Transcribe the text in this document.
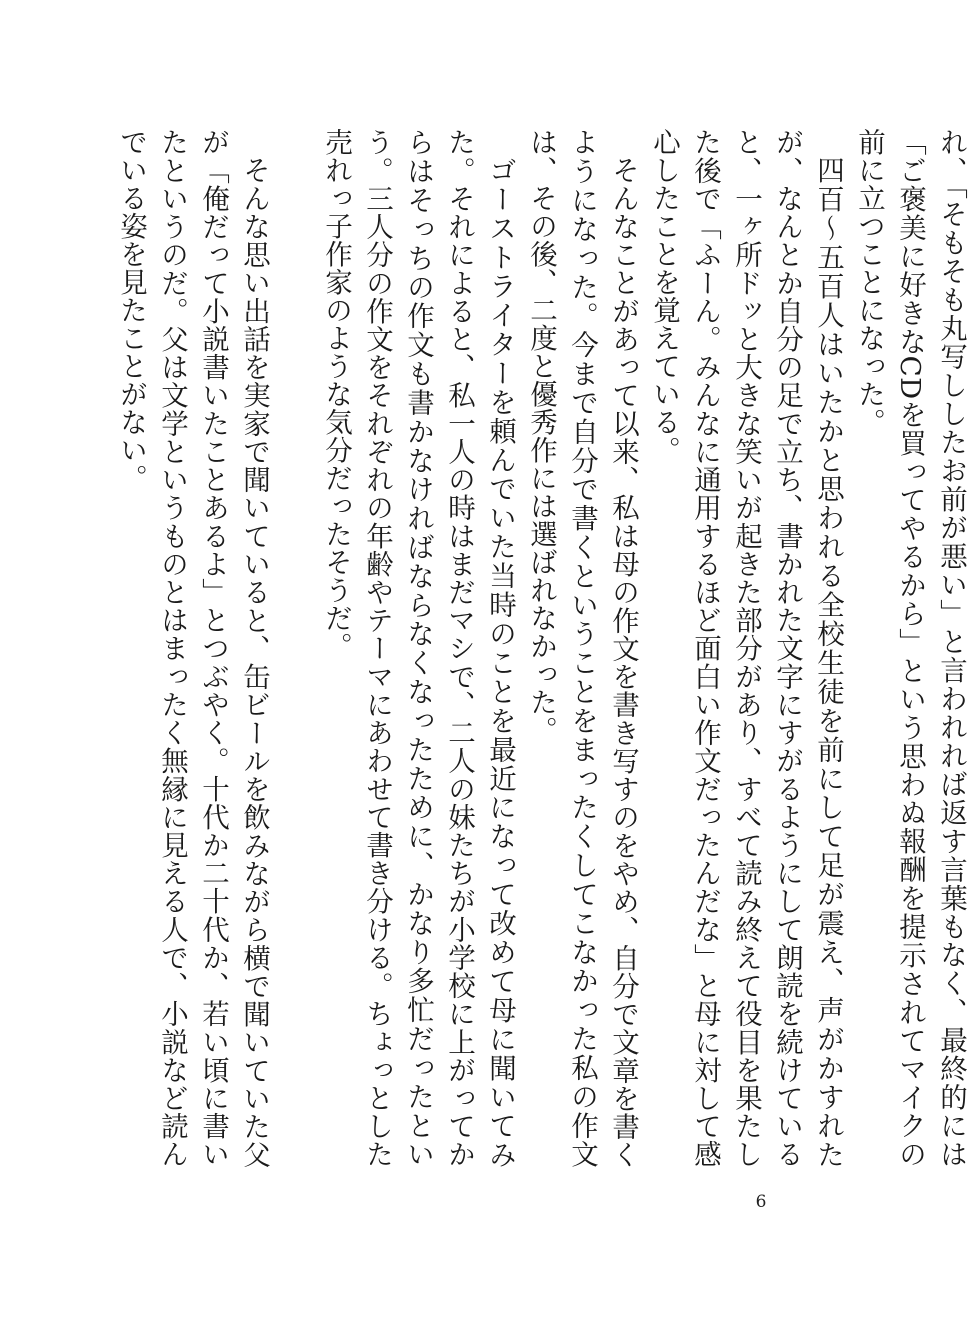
れ、「そもそも丸写ししたお前が悪い」と言われれば返す言葉もなく、最終的には「ご褒美に好きなCDを買ってやるから」という思わぬ報酬を提示されてマイクの前に立つことになった。

四百〜五百人はいたかと思われる全校生徒を前にして足が震え、声がかすれたが、なんとか自分の足で立ち、書かれた文字にすがるようにして朗読を続けていると、一ヶ所ドッと大きな笑いが起きた部分があり、すべて読み終えて役目を果たした後で「ふーん。みんなに通用するほど面白い作文だったんだな」と母に対して感心したことを覚えている。

そんなことがあって以来、私は母の作文を書き写すのをやめ、自分で文章を書くようになった。今まで自分で書くということをまったくしてこなかった私の作文は、その後、二度と優秀作には選ばれなかった。

ゴーストライターを頼んでいた当時のことを最近になって改めて母に聞いてみた。それによると、私一人の時はまだマシで、二人の妹たちが小学校に上がってからはそっちの作文も書かなければならなくなったために、かなり多忙だったという。三人分の作文をそれぞれの年齢やテーマにあわせて書き分ける。ちょっとした売れっ子作家のような気分だったそうだ。

そんな思い出話を実家で聞いていると、缶ビールを飲みながら横で聞いていた父が「俺だって小説書いたことあるよ」とつぶやく。十代か二十代か、若い頃に書いたというのだ。父は文学というものとはまったく無縁に見える人で、小説など読んでいる姿を見たことがない。

6
